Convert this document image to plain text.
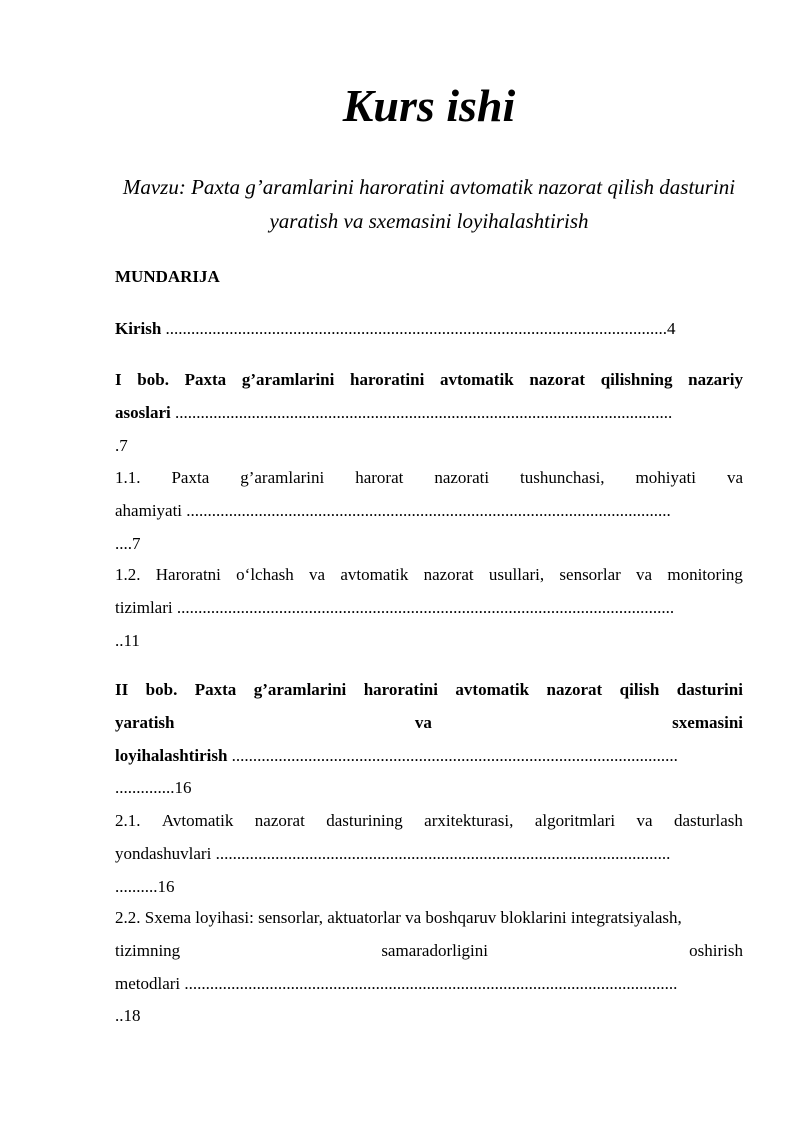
Kurs ishi
Mavzu: Paxta g’aramlarini haroratini avtomatik nazorat qilish dasturini
yaratish va sxemasini loyihalashtirish
MUNDARIJA
Kirish ......................................................................................................................4
I bob. Paxta g’aramlarini haroratini avtomatik nazorat qilishning nazariy
asoslari .....................................................................................................................
.7
1.1. Paxta g’aramlarini harorat nazorati tushunchasi, mohiyati va
ahamiyati ..................................................................................................................
....7
1.2. Haroratni o‘lchash va avtomatik nazorat usullari, sensorlar va monitoring
tizimlari .....................................................................................................................
..11
II bob. Paxta g’aramlarini haroratini avtomatik nazorat qilish dasturini
yaratish	va	sxemasini
loyihalashtirish .........................................................................................................
..............16
2.1. Avtomatik nazorat dasturining arxitekturasi, algoritmlari va dasturlash
yondashuvlari ...........................................................................................................
..........16
2.2. Sxema loyihasi: sensorlar, aktuatorlar va boshqaruv bloklarini integratsiyalash,
tizimning	samaradorligini	oshirish
metodlari ....................................................................................................................
..18
